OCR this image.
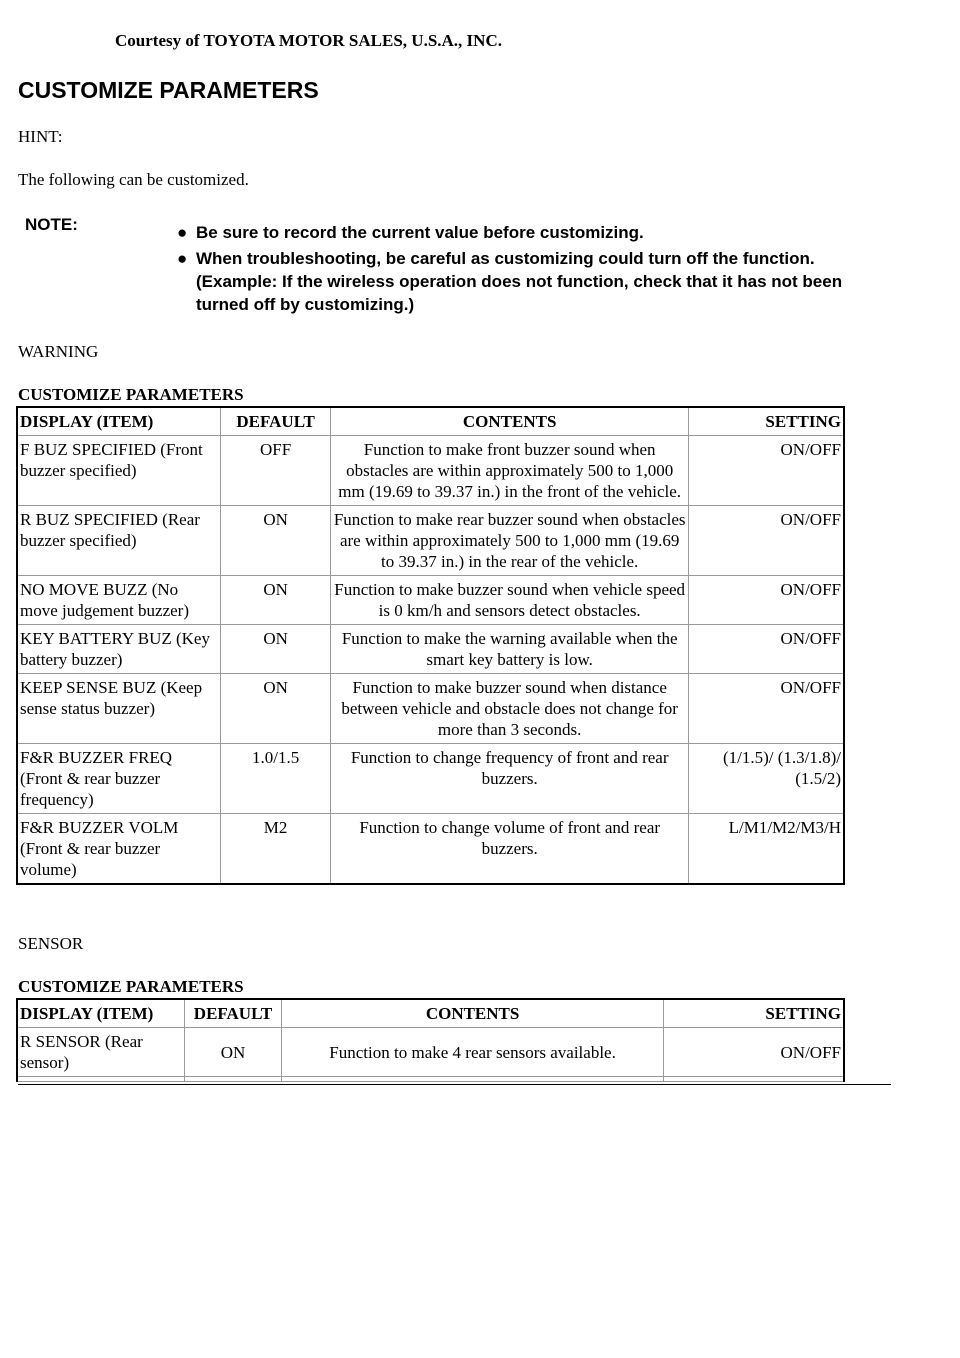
Courtesy of TOYOTA MOTOR SALES, U.S.A., INC.
CUSTOMIZE PARAMETERS
HINT:
The following can be customized.
NOTE:	● Be sure to record the current value before customizing.
● When troubleshooting, be careful as customizing could turn off the function. (Example: If the wireless operation does not function, check that it has not been turned off by customizing.)
WARNING
CUSTOMIZE PARAMETERS
DISPLAY (ITEM)	DEFAULT	CONTENTS	SETTING
F BUZ SPECIFIED (Front buzzer specified)	OFF	Function to make front buzzer sound when obstacles are within approximately 500 to 1,000 mm (19.69 to 39.37 in.) in the front of the vehicle.	ON/OFF
R BUZ SPECIFIED (Rear buzzer specified)	ON	Function to make rear buzzer sound when obstacles are within approximately 500 to 1,000 mm (19.69 to 39.37 in.) in the rear of the vehicle.	ON/OFF
NO MOVE BUZZ (No move judgement buzzer)	ON	Function to make buzzer sound when vehicle speed is 0 km/h and sensors detect obstacles.	ON/OFF
KEY BATTERY BUZ (Key battery buzzer)	ON	Function to make the warning available when the smart key battery is low.	ON/OFF
KEEP SENSE BUZ (Keep sense status buzzer)	ON	Function to make buzzer sound when distance between vehicle and obstacle does not change for more than 3 seconds.	ON/OFF
F&R BUZZER FREQ (Front & rear buzzer frequency)	1.0/1.5	Function to change frequency of front and rear buzzers.	(1/1.5)/ (1.3/1.8)/ (1.5/2)
F&R BUZZER VOLM (Front & rear buzzer volume)	M2	Function to change volume of front and rear buzzers.	L/M1/M2/M3/H
SENSOR
CUSTOMIZE PARAMETERS
DISPLAY (ITEM)	DEFAULT	CONTENTS	SETTING
R SENSOR (Rear sensor)	ON	Function to make 4 rear sensors available.	ON/OFF
